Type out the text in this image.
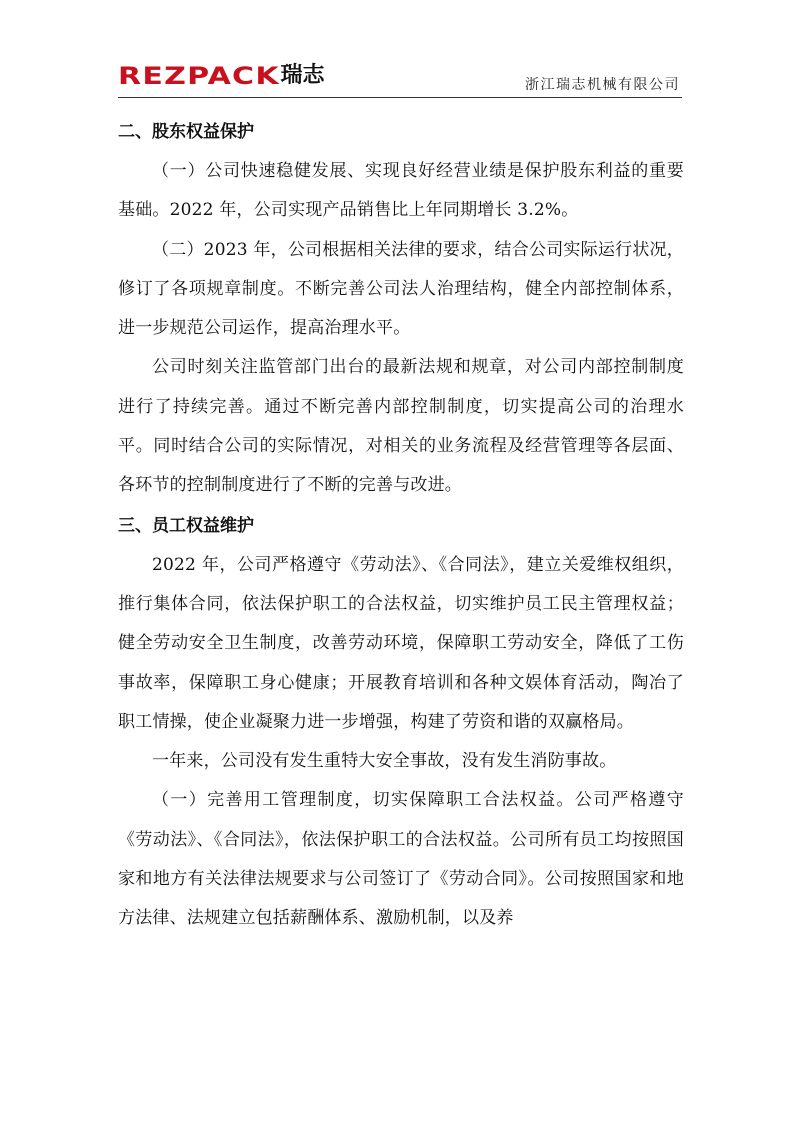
REZPACK 瑞志	浙江瑞志机械有限公司
二、股东权益保护

（一）公司快速稳健发展、实现良好经营业绩是保护股东利益的重要基础。2022 年，公司实现产品销售比上年同期增长 3.2%。

（二）2023 年，公司根据相关法律的要求，结合公司实际运行状况，修订了各项规章制度。不断完善公司法人治理结构，健全内部控制体系，进一步规范公司运作，提高治理水平。

公司时刻关注监管部门出台的最新法规和规章，对公司内部控制制度进行了持续完善。通过不断完善内部控制制度，切实提高公司的治理水平。同时结合公司的实际情况，对相关的业务流程及经营管理等各层面、各环节的控制制度进行了不断的完善与改进。

三、员工权益维护

2022 年，公司严格遵守《劳动法》、《合同法》，建立关爱维权组织，推行集体合同，依法保护职工的合法权益，切实维护员工民主管理权益；健全劳动安全卫生制度，改善劳动环境，保障职工劳动安全，降低了工伤事故率，保障职工身心健康；开展教育培训和各种文娱体育活动，陶冶了职工情操，使企业凝聚力进一步增强，构建了劳资和谐的双赢格局。

一年来，公司没有发生重特大安全事故，没有发生消防事故。

（一）完善用工管理制度，切实保障职工合法权益。公司严格遵守《劳动法》、《合同法》，依法保护职工的合法权益。公司所有员工均按照国家和地方有关法律法规要求与公司签订了《劳动合同》。公司按照国家和地方法律、法规建立包括薪酬体系、激励机制，以及养
